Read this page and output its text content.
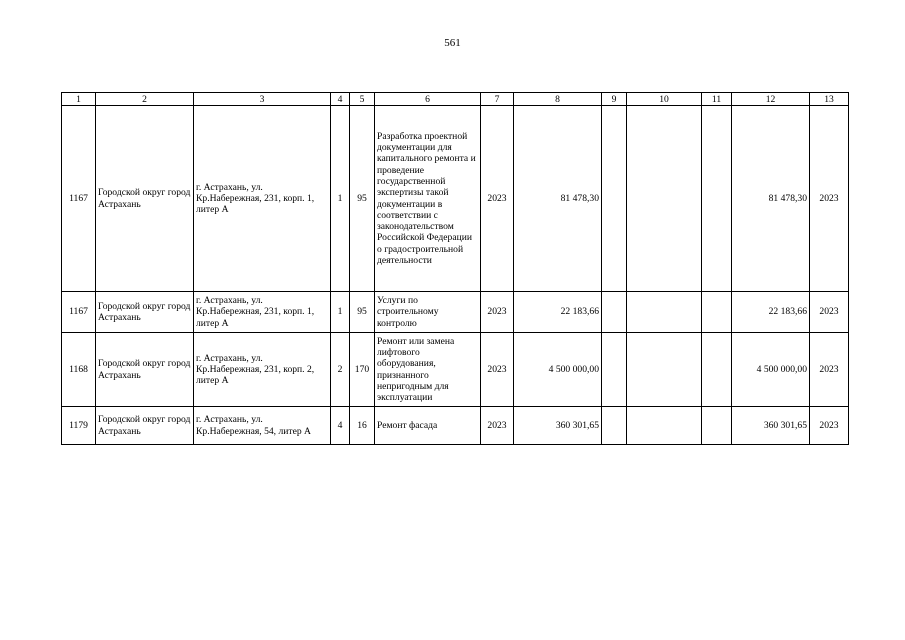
561
1	2	3	4	5	6	7	8	9	10	11	12	13
1167	Городской округ город Астрахань	г. Астрахань, ул. Кр.Набережная, 231, корп. 1, литер А	1	95	Разработка проектной документации для капитального ремонта и проведение государственной экспертизы такой документации в соответствии с законодательством Российской Федерации о градостроительной деятельности	2023	81 478,30				81 478,30	2023
1167	Городской округ город Астрахань	г. Астрахань, ул. Кр.Набережная, 231, корп. 1, литер А	1	95	Услуги по строительному контролю	2023	22 183,66				22 183,66	2023
1168	Городской округ город Астрахань	г. Астрахань, ул. Кр.Набережная, 231, корп. 2, литер А	2	170	Ремонт или замена лифтового оборудования, признанного непригодным для эксплуатации	2023	4 500 000,00				4 500 000,00	2023
1179	Городской округ город Астрахань	г. Астрахань, ул. Кр.Набережная, 54, литер А	4	16	Ремонт фасада	2023	360 301,65				360 301,65	2023
